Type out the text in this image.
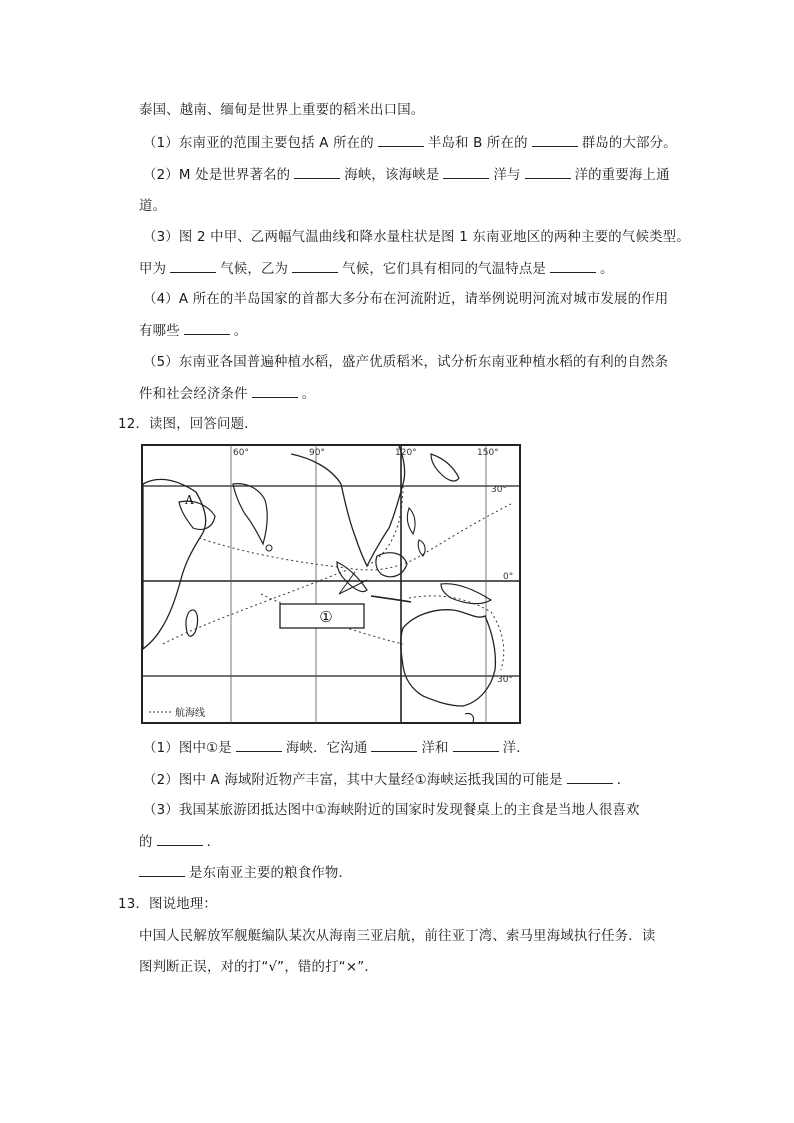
泰国、越南、缅甸是世界上重要的稻米出口国。
（1）东南亚的范围主要包括 A 所在的	半岛和 B 所在的	群岛的大部分。
（2）M 处是世界著名的	海峡，该海峡是	洋与	洋的重要海上通
道。
（3）图 2 中甲、乙两幅气温曲线和降水量柱状是图 1 东南亚地区的两种主要的气候类型。
甲为	气候，乙为	气候，它们具有相同的气温特点是	。
（4）A 所在的半岛国家的首都大多分布在河流附近，请举例说明河流对城市发展的作用
有哪些	。
（5）东南亚各国普遍种植水稻，盛产优质稻米，试分析东南亚种植水稻的有利的自然条
件和社会经济条件	。
12．读图，回答问题．
①
A
60°	90°	120°	150°
30°
0°
30°
航海线
（1）图中①是	海峡．它沟通	洋和	洋．
（2）图中 A 海域附近物产丰富，其中大量经①海峡运抵我国的可能是	．
（3）我国某旅游团抵达图中①海峡附近的国家时发现餐桌上的主食是当地人很喜欢
的	．
是东南亚主要的粮食作物．
13．图说地理：
中国人民解放军舰艇编队某次从海南三亚启航，前往亚丁湾、索马里海域执行任务．读
图判断正误，对的打“√”，错的打“×”．
